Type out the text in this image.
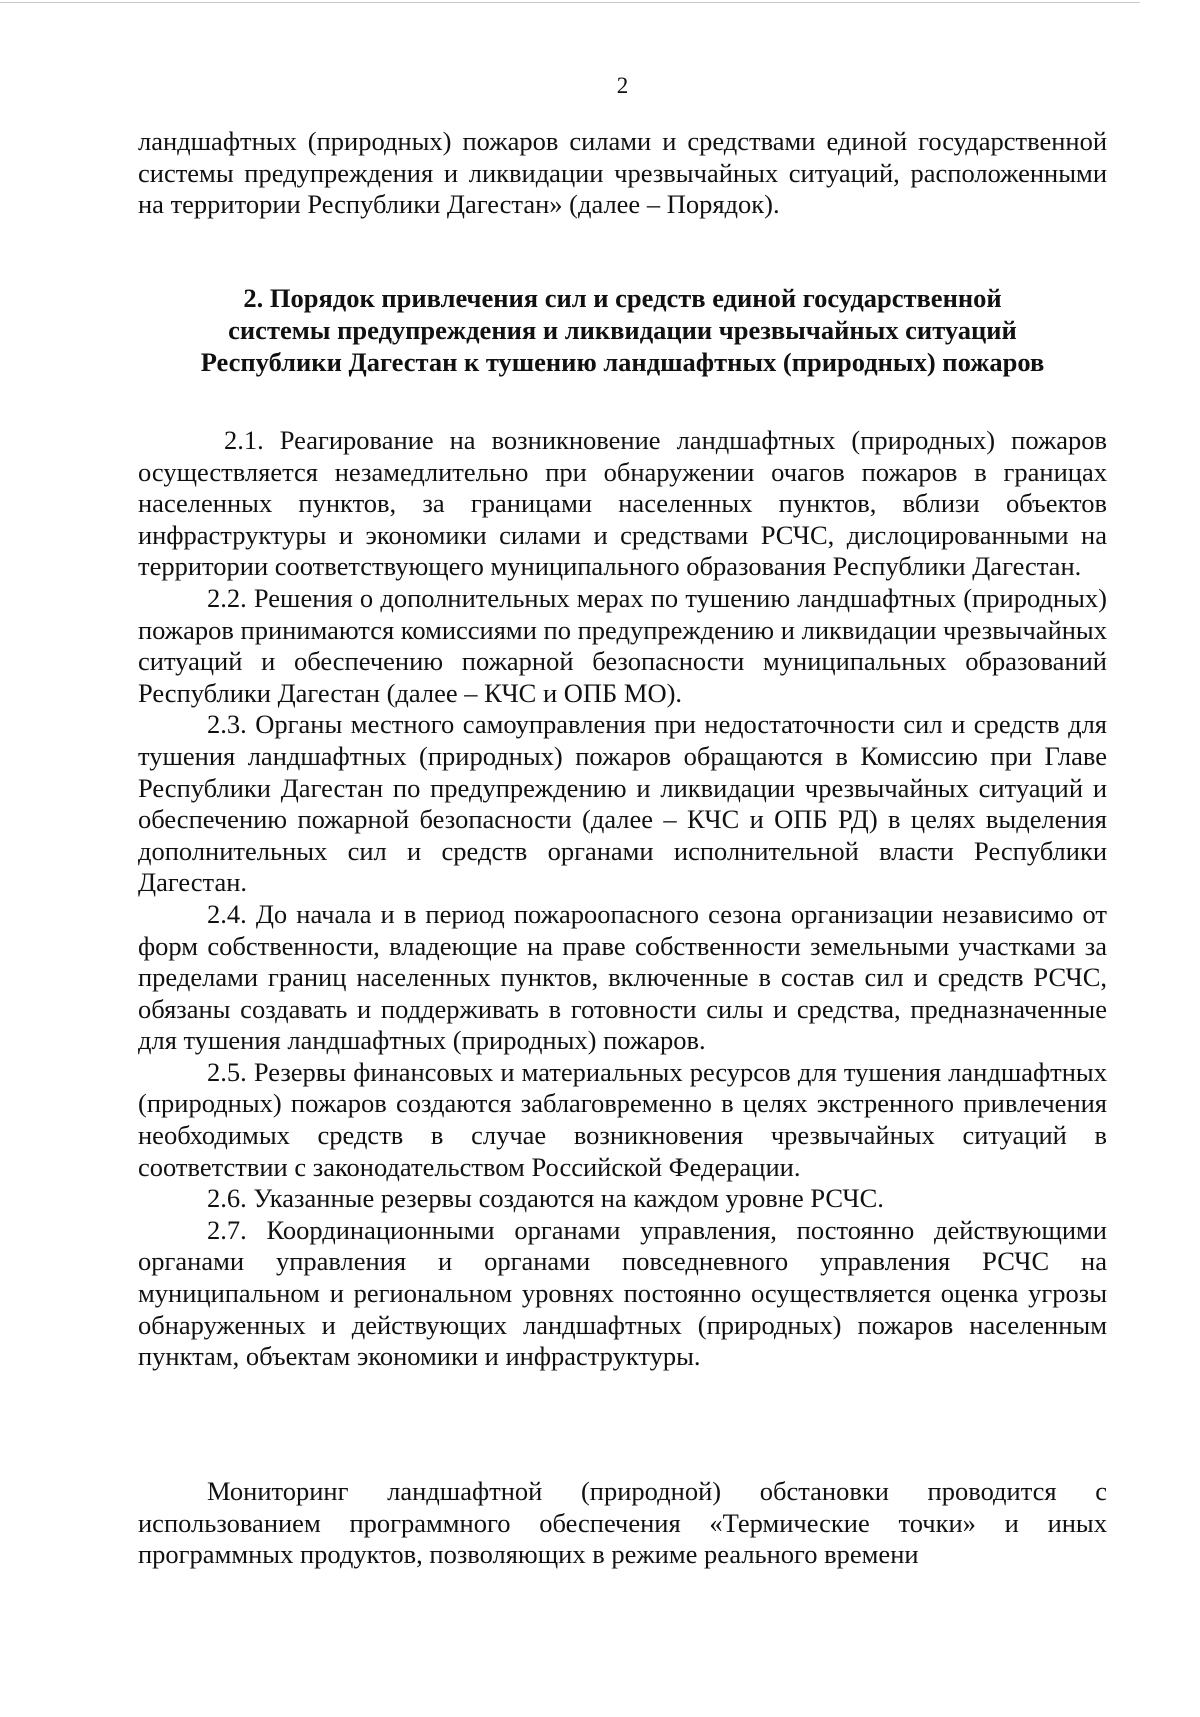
2

ландшафтных (природных) пожаров силами и средствами единой государственной системы предупреждения и ликвидации чрезвычайных ситуаций, расположенными на территории Республики Дагестан» (далее – Порядок).

2. Порядок привлечения сил и средств единой государственной
системы предупреждения и ликвидации чрезвычайных ситуаций
Республики Дагестан к тушению ландшафтных (природных) пожаров

2.1. Реагирование на возникновение ландшафтных (природных) пожаров осуществляется незамедлительно при обнаружении очагов пожаров в границах населенных пунктов, за границами населенных пунктов, вблизи объектов инфраструктуры и экономики силами и средствами РСЧС, дислоцированными на территории соответствующего муниципального образования Республики Дагестан.

2.2. Решения о дополнительных мерах по тушению ландшафтных (природных) пожаров принимаются комиссиями по предупреждению и ликвидации чрезвычайных ситуаций и обеспечению пожарной безопасности муниципальных образований Республики Дагестан (далее – КЧС и ОПБ МО).

2.3. Органы местного самоуправления при недостаточности сил и средств для тушения ландшафтных (природных) пожаров обращаются в Комиссию при Главе Республики Дагестан по предупреждению и ликвидации чрезвычайных ситуаций и обеспечению пожарной безопасности (далее – КЧС и ОПБ РД) в целях выделения дополнительных сил и средств органами исполнительной власти Республики Дагестан.

2.4. До начала и в период пожароопасного сезона организации независимо от форм собственности, владеющие на праве собственности земельными участками за пределами границ населенных пунктов, включенные в состав сил и средств РСЧС, обязаны создавать и поддерживать в готовности силы и средства, предназначенные для тушения ландшафтных (природных) пожаров.

2.5. Резервы финансовых и материальных ресурсов для тушения ландшафтных (природных) пожаров создаются заблаговременно в целях экстренного привлечения необходимых средств в случае возникновения чрезвычайных ситуаций в соответствии с законодательством Российской Федерации.

2.6. Указанные резервы создаются на каждом уровне РСЧС.

2.7. Координационными органами управления, постоянно действующими органами управления и органами повседневного управления РСЧС на муниципальном и региональном уровнях постоянно осуществляется оценка угрозы обнаруженных и действующих ландшафтных (природных) пожаров населенным пунктам, объектам экономики и инфраструктуры.

Мониторинг ландшафтной (природной) обстановки проводится с использованием программного обеспечения «Термические точки» и иных программных продуктов, позволяющих в режиме реального времени
